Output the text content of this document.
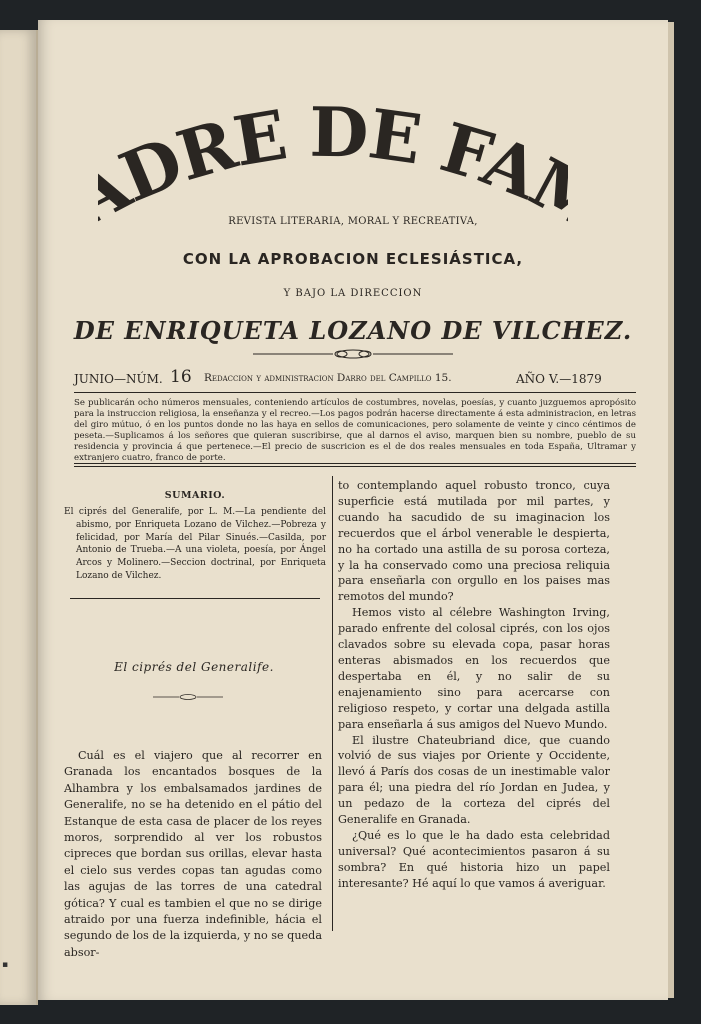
▪
DRE DE FA
REVISTA LITERARIA, MORAL Y RECREATIVA,
CON LA APROBACION ECLESIÁSTICA,
Y BAJO LA DIRECCION
DE ENRIQUETA LOZANO DE VILCHEZ.
JUNIO—NÚM. 16 Redaccion y administracion Darro del Campillo 15.	AÑO V.—1879
Se publicarán ocho números mensuales, conteniendo artículos de costumbres, novelas, poesías, y cuanto juzguemos apropósito para la instruccion religiosa, la enseñanza y el recreo.—Los pagos podrán hacerse directamente á esta administracion, en letras del giro mútuo, ó en los puntos donde no las haya en sellos de comunicaciones, pero solamente de veinte y cinco céntimos de peseta.—Suplicamos á los señores que quieran suscribirse, que al darnos el aviso, marquen bien su nombre, pueblo de su residencia y provincia á que pertenece.—El precio de suscricion es el de dos reales mensuales en toda España, Ultramar y extranjero cuatro, franco de porte.
SUMARIO.
El ciprés del Generalife, por L. M.—La pendiente del abismo, por Enriqueta Lozano de Vilchez.—Pobreza y felicidad, por María del Pilar Sinués.—Casilda, por Antonio de Trueba.—A una violeta, poesía, por Ángel Arcos y Molinero.—Seccion doctrinal, por Enriqueta Lozano de Vilchez.
El ciprés del Generalife.

Cuál es el viajero que al recorrer en Granada los encantados bosques de la Alhambra y los embalsamados jardines de Generalife, no se ha detenido en el pátio del Estanque de esta casa de placer de los reyes moros, sorprendido al ver los robustos cipreces que bordan sus orillas, elevar hasta el cielo sus verdes copas tan agudas como las agujas de las torres de una catedral gótica? Y cual es tambien el que no se dirige atraido por una fuerza indefinible, hácia el segundo de los de la izquierda, y no se queda absor-

to contemplando aquel robusto tronco, cuya superficie está mutilada por mil partes, y cuando ha sacudido de su imaginacion los recuerdos que el árbol venerable le despierta, no ha cortado una astilla de su porosa corteza, y la ha conservado como una preciosa reliquia para enseñarla con orgullo en los paises mas remotos del mundo?

Hemos visto al célebre Washington Irving, parado enfrente del colosal ciprés, con los ojos clavados sobre su elevada copa, pasar horas enteras abismados en los recuerdos que despertaba en él, y no salir de su enajenamiento sino para acercarse con religioso respeto, y cortar una delgada astilla para enseñarla á sus amigos del Nuevo Mundo.

El ilustre Chateubriand dice, que cuando volvió de sus viajes por Oriente y Occidente, llevó á París dos cosas de un inestimable valor para él; una piedra del río Jordan en Judea, y un pedazo de la corteza del ciprés del Generalife en Granada.

¿Qué es lo que le ha dado esta celebridad universal? Qué acontecimientos pasaron á su sombra? En qué historia hizo un papel interesante? Hé aquí lo que vamos á averiguar.
